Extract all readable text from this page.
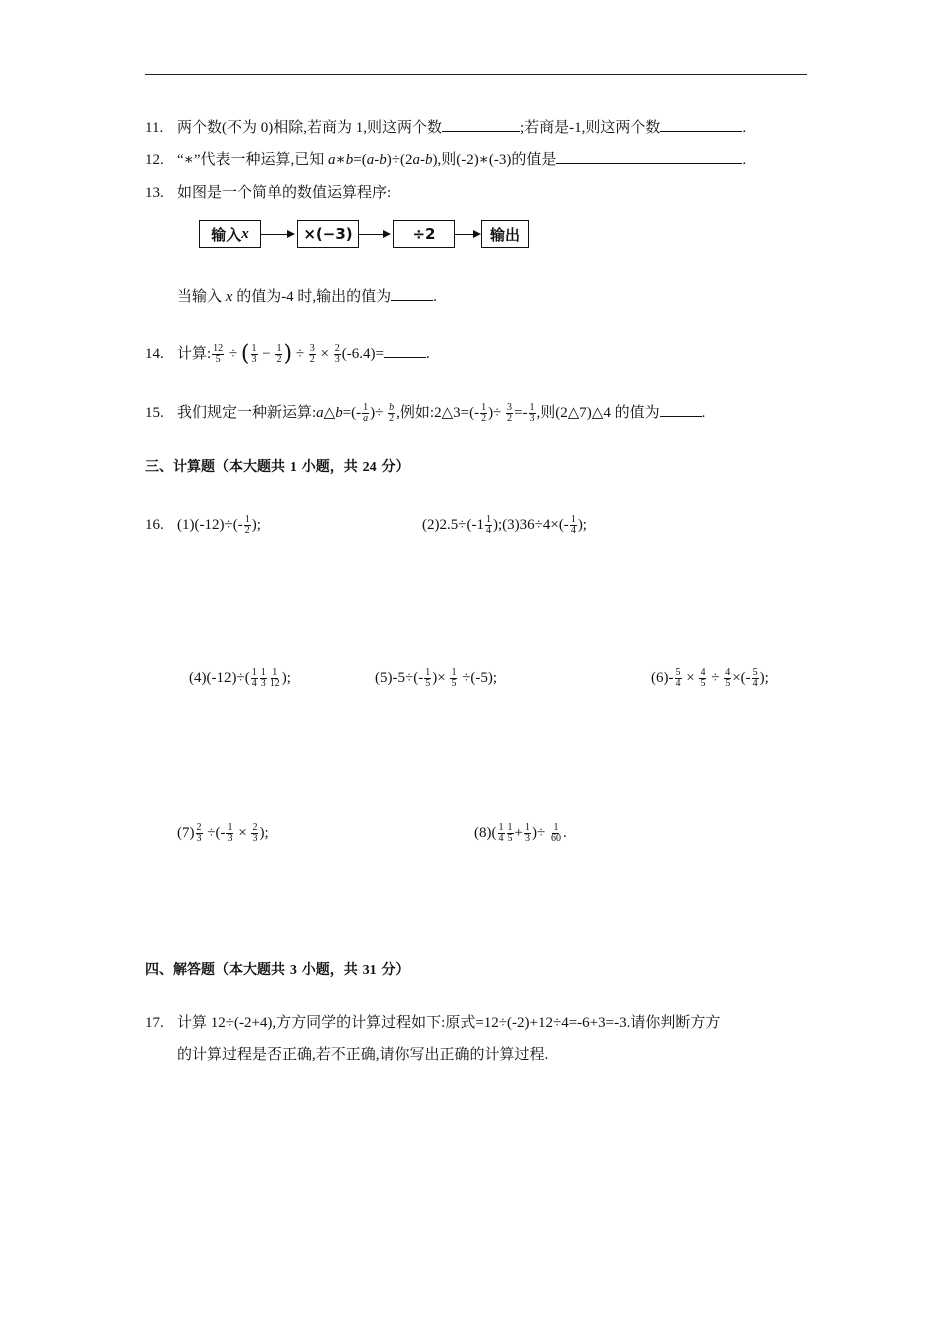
11. 两个数(不为 0)相除,若商为 1,则这两个数	;若商是-1,则这两个数	.
12. “∗”代表一种运算,已知 a∗b=(a-b)÷(2a-b),则(-2)∗(-3)的值是	.
13. 如图是一个简单的数值运算程序:
输入 x	×(−3)	÷2	输出
当输入 x 的值为-4 时,输出的值为	.
14. 计算: $\frac{12}{5}$ ÷ ( $\frac{1}{3} - \frac{1}{2}$ ) ÷ $\frac{3}{2} \times \frac{2}{3} (-6.4)=$	.
15. 我们规定一种新运算:a△b=(- $\frac{1}{a}$ )÷ $\frac{b}{2}$ ,例如:2△3=(- $\frac{1}{2}$ )÷ $\frac{3}{2} =- \frac{1}{3}$ ,则(2△7)△4 的值为	.
三、计算题（本大题共 1 小题，共 24 分）
16. $(1)(-12)\div(- \frac{1}{2}$ );	$(2)2.5\div(-1 \frac{1}{4}$ );(3)36÷4×(- $\frac{1}{4}$ );
$(4)(-12)\div( \frac{1}{4} \frac{1}{3} \frac{1}{12}$ );	$(5)-5\div(- \frac{1}{5}$ )× $\frac{1}{5} \div(-5)$;	$(6)- \frac{5}{4} \times \frac{4}{5} \div \frac{4}{5}$ ×(- $\frac{5}{4}$ );
$(7) \frac{2}{3}$ ÷(- $\frac{1}{3} \times \frac{2}{3}$ );	$(8)( \frac{1}{4} \frac{1}{5} + \frac{1}{3}$ )÷ $\frac{1}{60}$ .
四、解答题（本大题共 3 小题，共 31 分）
17. 计算 12÷(-2+4),方方同学的计算过程如下:原式=12÷(-2)+12÷4=-6+3=-3.请你判断方方
的计算过程是否正确,若不正确,请你写出正确的计算过程.
